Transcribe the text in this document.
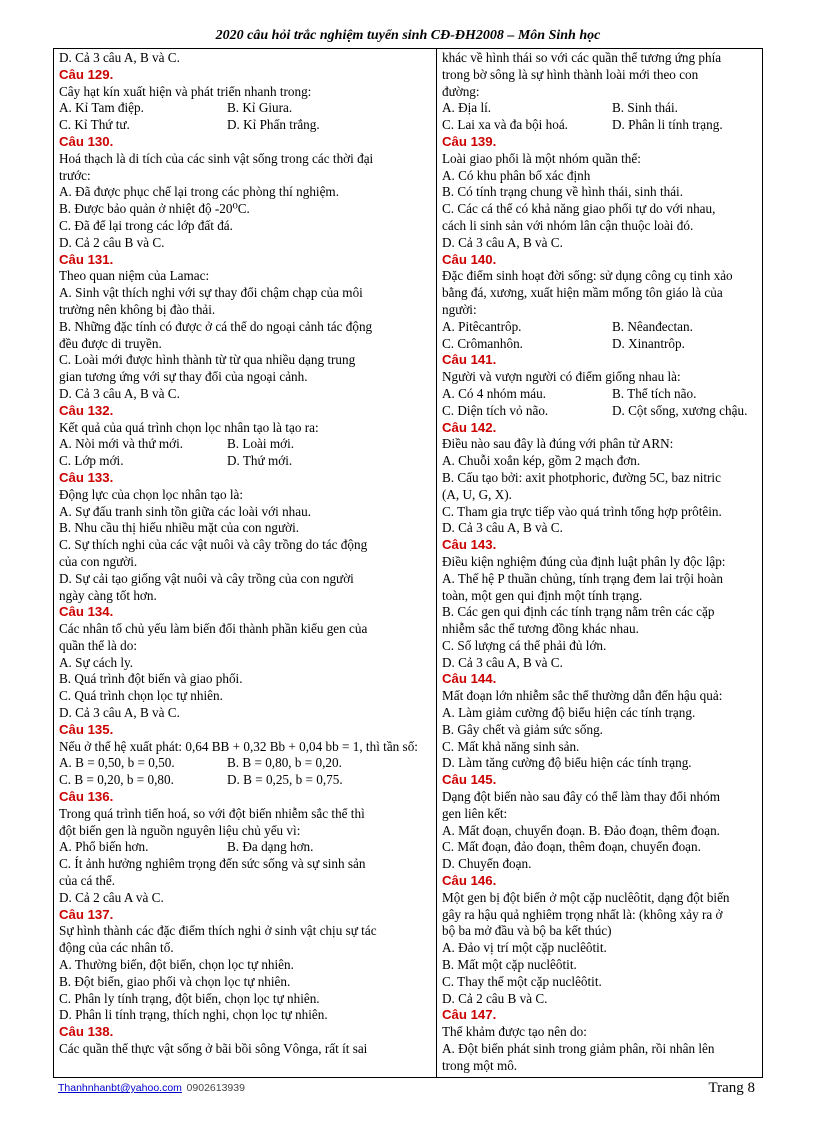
2020 câu hỏi trắc nghiệm tuyển sinh CĐ-ĐH2008 – Môn Sinh học
D. Cả 3 câu A, B và C.
Câu 129.
Cây hạt kín xuất hiện và phát triển nhanh trong:
A. Kỉ Tam điệp.	B. Kỉ Giura.
C. Kỉ Thứ tư.	D. Kỉ Phấn trắng.
Câu 130.
Hoá thạch là di tích của các sinh vật sống trong các thời đại
trước:
A. Đã được phục chế lại trong các phòng thí nghiệm.
B. Được bảo quản ở nhiệt độ -20⁰C.
C. Đã để lại trong các lớp đất đá.
D. Cả 2 câu B và C.
Câu 131.
Theo quan niệm của Lamac:
A. Sinh vật thích nghi với sự thay đổi chậm chạp của môi
trường nên không bị đào thải.
B. Những đặc tính có được ở cá thể do ngoại cảnh tác động
đều được di truyền.
C. Loài mới được hình thành từ từ qua nhiều dạng trung
gian tương ứng với sự thay đổi của ngoại cảnh.
D. Cả 3 câu A, B và C.
Câu 132.
Kết quả của quá trình chọn lọc nhân tạo là tạo ra:
A. Nòi mới và thứ mới.	B. Loài mới.
C. Lớp mới.	D. Thứ mới.
Câu 133.
Động lực của chọn lọc nhân tạo là:
A. Sự đấu tranh sinh tồn giữa các loài với nhau.
B. Nhu cầu thị hiếu nhiều mặt của con người.
C. Sự thích nghi của các vật nuôi và cây trồng do tác động
của con người.
D. Sự cải tạo giống vật nuôi và cây trồng của con người
ngày càng tốt hơn.
Câu 134.
Các nhân tố chủ yếu làm biến đổi thành phần kiểu gen của
quần thể là do:
A. Sự cách ly.
B. Quá trình đột biến và giao phối.
C. Quá trình chọn lọc tự nhiên.
D. Cả 3 câu A, B và C.
Câu 135.
Nếu ở thế hệ xuất phát: 0,64 BB + 0,32 Bb + 0,04 bb = 1, thì tần số:
A. B = 0,50, b = 0,50.	B. B = 0,80, b = 0,20.
C. B = 0,20, b = 0,80.	D. B = 0,25, b = 0,75.
Câu 136.
Trong quá trình tiến hoá, so với đột biến nhiễm sắc thể thì
đột biến gen là nguồn nguyên liệu chủ yếu vì:
A. Phổ biến hơn.	B. Đa dạng hơn.
C. Ít ảnh hưởng nghiêm trọng đến sức sống và sự sinh sản
của cá thể.
D. Cả 2 câu A và C.
Câu 137.
Sự hình thành các đặc điểm thích nghi ở sinh vật chịu sự tác
động của các nhân tố.
A. Thường biến, đột biến, chọn lọc tự nhiên.
B. Đột biến, giao phối và chọn lọc tự nhiên.
C. Phân ly tính trạng, đột biến, chọn lọc tự nhiên.
D. Phân li tính trạng, thích nghi, chọn lọc tự nhiên.
Câu 138.
Các quần thể thực vật sống ở bãi bồi sông Vônga, rất ít sai
khác về hình thái so với các quần thể tương ứng phía
trong bờ sông là sự hình thành loài mới theo con
đường:
A. Địa lí.	B. Sinh thái.
C. Lai xa và đa bội hoá.	D. Phân li tính trạng.
Câu 139.
Loài giao phối là một nhóm quần thể:
A. Có khu phân bố xác định
B. Có tính trạng chung về hình thái, sinh thái.
C. Các cá thể có khả năng giao phối tự do với nhau,
cách li sinh sản với nhóm lân cận thuộc loài đó.
D. Cả 3 câu A, B và C.
Câu 140.
Đặc điểm sinh hoạt đời sống: sử dụng công cụ tinh xảo
bằng đá, xương, xuất hiện mầm mống tôn giáo là của
người:
A. Pitêcantrôp.	B. Nêanđectan.
C. Crômanhôn.	D. Xinantrôp.
Câu 141.
Người và vượn người có điểm giống nhau là:
A. Có 4 nhóm máu.	B. Thể tích não.
C. Diện tích vỏ não.	D. Cột sống, xương chậu.
Câu 142.
Điều nào sau đây là đúng với phân tử ARN:
A. Chuỗi xoắn kép, gồm 2 mạch đơn.
B. Cấu tạo bởi: axit photphoric, đường 5C, baz nitric
(A, U, G, X).
C. Tham gia trực tiếp vào quá trình tổng hợp prôtêin.
D. Cả 3 câu A, B và C.
Câu 143.
Điều kiện nghiệm đúng của định luật phân ly độc lập:
A. Thế hệ P thuần chủng, tính trạng đem lai trội hoàn
toàn, một gen qui định một tính trạng.
B. Các gen qui định các tính trạng nằm trên các cặp
nhiễm sắc thể tương đồng khác nhau.
C. Số lượng cá thể phải đủ lớn.
D. Cả 3 câu A, B và C.
Câu 144.
Mất đoạn lớn nhiễm sắc thể thường dẫn đến hậu quả:
A. Làm giảm cường độ biểu hiện các tính trạng.
B. Gây chết và giảm sức sống.
C. Mất khả năng sinh sản.
D. Làm tăng cường độ biểu hiện các tính trạng.
Câu 145.
Dạng đột biến nào sau đây có thể làm thay đổi nhóm
gen liên kết:
A. Mất đoạn, chuyển đoạn. B. Đảo đoạn, thêm đoạn.
C. Mất đoạn, đảo đoạn, thêm đoạn, chuyển đoạn.
D. Chuyển đoạn.
Câu 146.
Một gen bị đột biến ở một cặp nuclêôtit, dạng đột biến
gây ra hậu quả nghiêm trọng nhất là: (không xảy ra ở
bộ ba mở đầu và bộ ba kết thúc)
A. Đảo vị trí một cặp nuclêôtit.
B. Mất một cặp nuclêôtit.
C. Thay thế một cặp nuclêôtit.
D. Cả 2 câu B và C.
Câu 147.
Thể khảm được tạo nên do:
A. Đột biến phát sinh trong giảm phân, rồi nhân lên
trong một mô.
Thanhnhanbt@yahoo.com 0902613939	Trang 8
